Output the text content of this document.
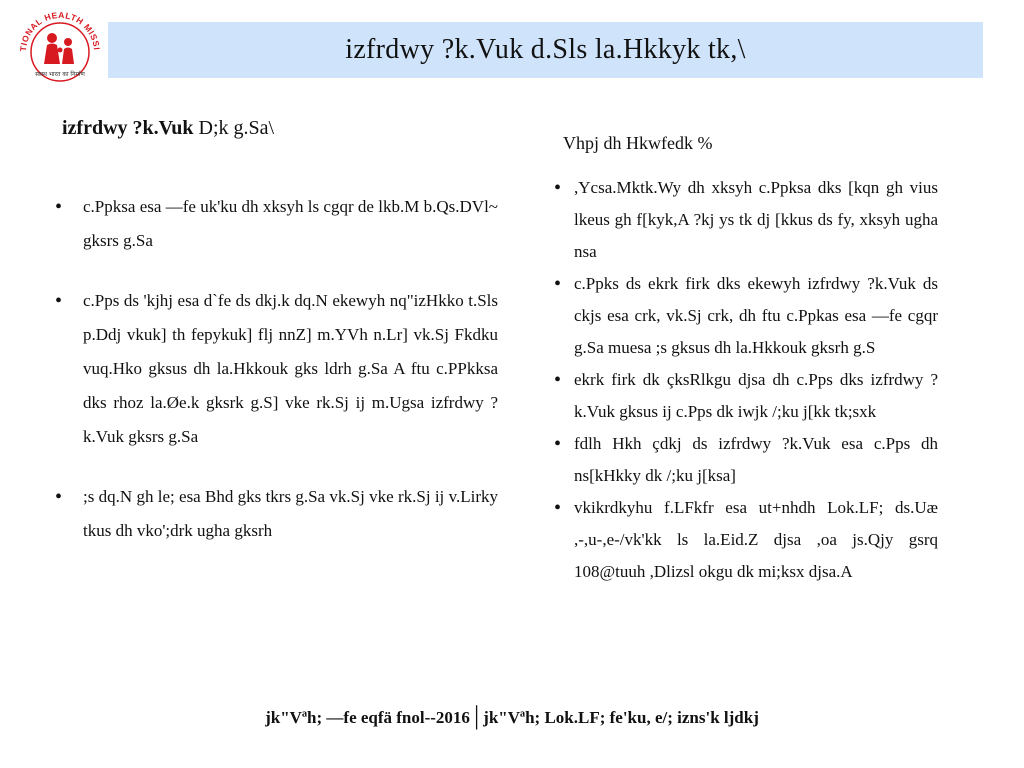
TIONAL HEALTH MISSI
स्वस्थ भारत का निर्माण
izfrdwy ?k.Vuk d.Sls la.Hkkyk tk,\
izfrdwy ?k.Vuk D;k g.Sa\
• c.Ppksa esa —fe uk'ku dh xksyh ls cgqr de lkb.M b.Qs.DVl~ gksrs g.Sa
• c.Pps ds 'kjhj esa d`fe ds dkj.k dq.N ekewyh nq"izHkko t.Sls p.Ddj vkuk] th fepykuk] flj nnZ] m.YVh n.Lr] vk.Sj Fkdku vuq.Hko gksus dh la.Hkkouk gks ldrh g.Sa A ftu c.PPkksa dks rhoz la.Øe.k gksrk g.S] vke rk.Sj ij m.Ugsa izfrdwy ?k.Vuk gksrs g.Sa
• ;s dq.N gh le; esa Bhd gks tkrs g.Sa vk.Sj vke rk.Sj ij v.Lirky tkus dh vko';drk ugha gksrh
Vhpj dh Hkwfedk %
• ,Ycsa.Mktk.Wy dh xksyh c.Ppksa dks [kqn gh vius lkeus gh f[kyk,A ?kj ys tk dj [kkus ds fy, xksyh ugha nsa
• c.Ppks ds ekrk firk dks ekewyh izfrdwy ?k.Vuk ds ckjs esa crk, vk.Sj crk, dh ftu c.Ppkas esa —fe cgqr g.Sa muesa ;s gksus dh la.Hkkouk gksrh g.S
• ekrk firk dk çksRlkgu djsa dh c.Pps dks izfrdwy ?k.Vuk gksus ij c.Pps dk iwjk /;ku j[kk tk;sxk
• fdlh Hkh çdkj ds izfrdwy ?k.Vuk esa c.Pps dh ns[kHkky dk /;ku j[ksa]
• vkikrdkyhu f.LFkfr esa ut+nhdh Lok.LF; ds.Uæ ,-,u-,e-/vk'kk ls la.Eid.Z djsa ,oa js.Qjy gsrq 108@tuuh ,Dlizsl okgu dk mi;ksx djsa.A
jk"Vªh; —fe eqfä fnol--2016 | jk"Vªh; Lok.LF; fe'ku, e/; izns'k ljdkj
